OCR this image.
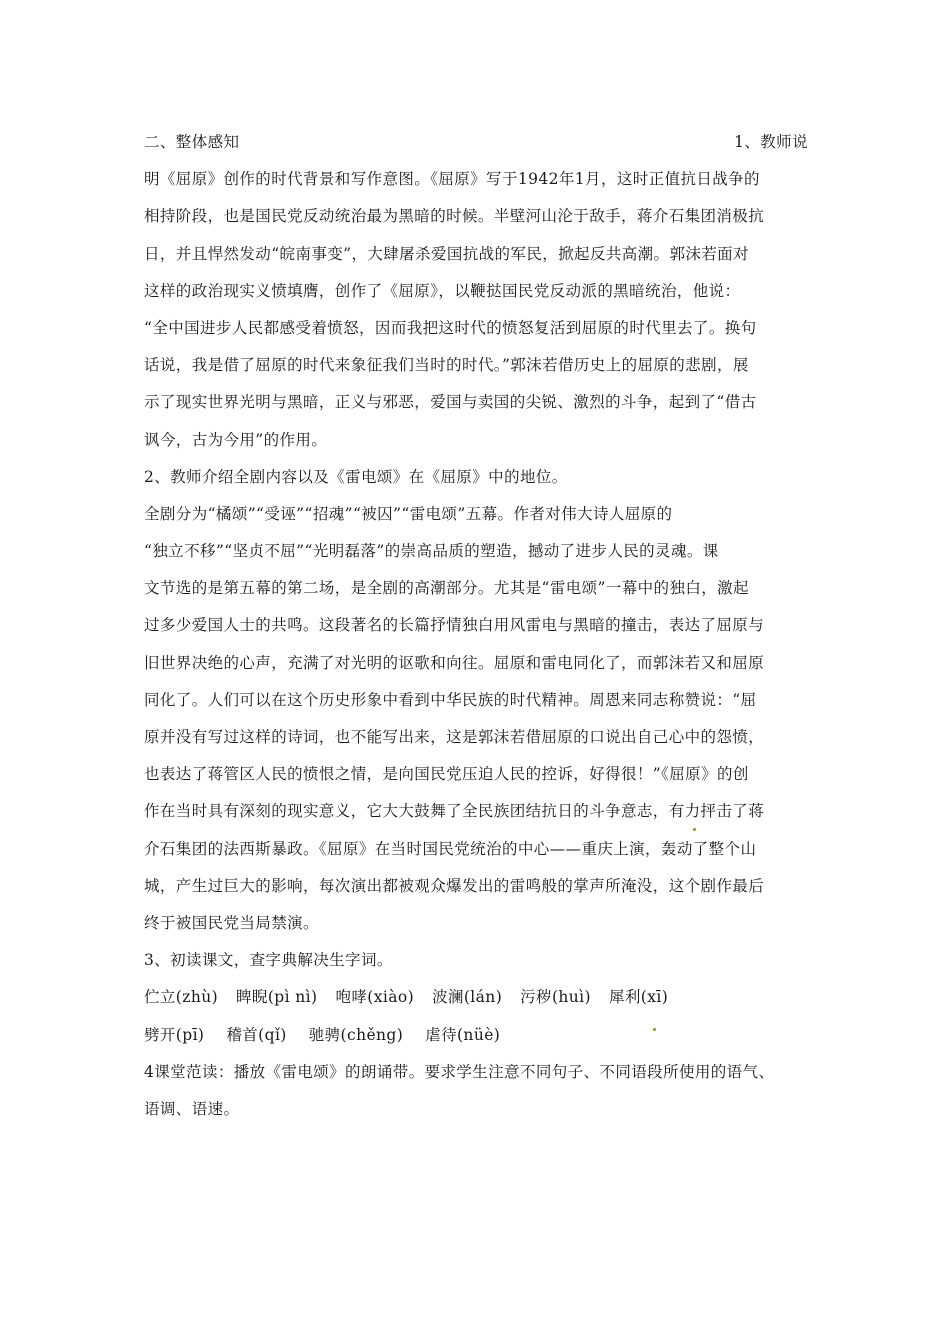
二、整体感知	1、教师说
明《屈原》创作的时代背景和写作意图。《屈原》写于1942年1月，这时正值抗日战争的
相持阶段，也是国民党反动统治最为黑暗的时候。半壁河山沦于敌手，蒋介石集团消极抗
日，并且悍然发动“皖南事变”，大肆屠杀爱国抗战的军民，掀起反共高潮。郭沫若面对
这样的政治现实义愤填膺，创作了《屈原》，以鞭挞国民党反动派的黑暗统治，他说：
“全中国进步人民都感受着愤怒，因而我把这时代的愤怒复活到屈原的时代里去了。换句
话说，我是借了屈原的时代来象征我们当时的时代。”郭沫若借历史上的屈原的悲剧，展
示了现实世界光明与黑暗，正义与邪恶，爱国与卖国的尖锐、激烈的斗争，起到了“借古
讽今，古为今用”的作用。
2、教师介绍全剧内容以及《雷电颂》在《屈原》中的地位。
全剧分为“橘颂”“受诬”“招魂”“被囚”“雷电颂”五幕。作者对伟大诗人屈原的
“独立不移”“坚贞不屈”“光明磊落”的崇高品质的塑造，撼动了进步人民的灵魂。课
文节选的是第五幕的第二场，是全剧的高潮部分。尤其是“雷电颂”一幕中的独白，激起
过多少爱国人士的共鸣。这段著名的长篇抒情独白用风雷电与黑暗的撞击，表达了屈原与
旧世界决绝的心声，充满了对光明的讴歌和向往。屈原和雷电同化了，而郭沫若又和屈原
同化了。人们可以在这个历史形象中看到中华民族的时代精神。周恩来同志称赞说：“屈
原并没有写过这样的诗词，也不能写出来，这是郭沫若借屈原的口说出自己心中的怨愤，
也表达了蒋管区人民的愤恨之情，是向国民党压迫人民的控诉，好得很！”《屈原》的创
作在当时具有深刻的现实意义，它大大鼓舞了全民族团结抗日的斗争意志，有力抨击了蒋
介石集团的法西斯暴政。《屈原》在当时国民党统治的中心——重庆上演，轰动了整个山
城，产生过巨大的影响，每次演出都被观众爆发出的雷鸣般的掌声所淹没，这个剧作最后
终于被国民党当局禁演。
3、初读课文，查字典解决生字词。
伫立(zhù) 睥睨(pì nì) 咆哮(xiào) 波澜(lán) 污秽(huì) 犀利(xī)
劈开(pī) 稽首(qǐ) 驰骋(chěng) 虐待(nüè)
4课堂范读：播放《雷电颂》的朗诵带。要求学生注意不同句子、不同语段所使用的语气、
语调、语速。
